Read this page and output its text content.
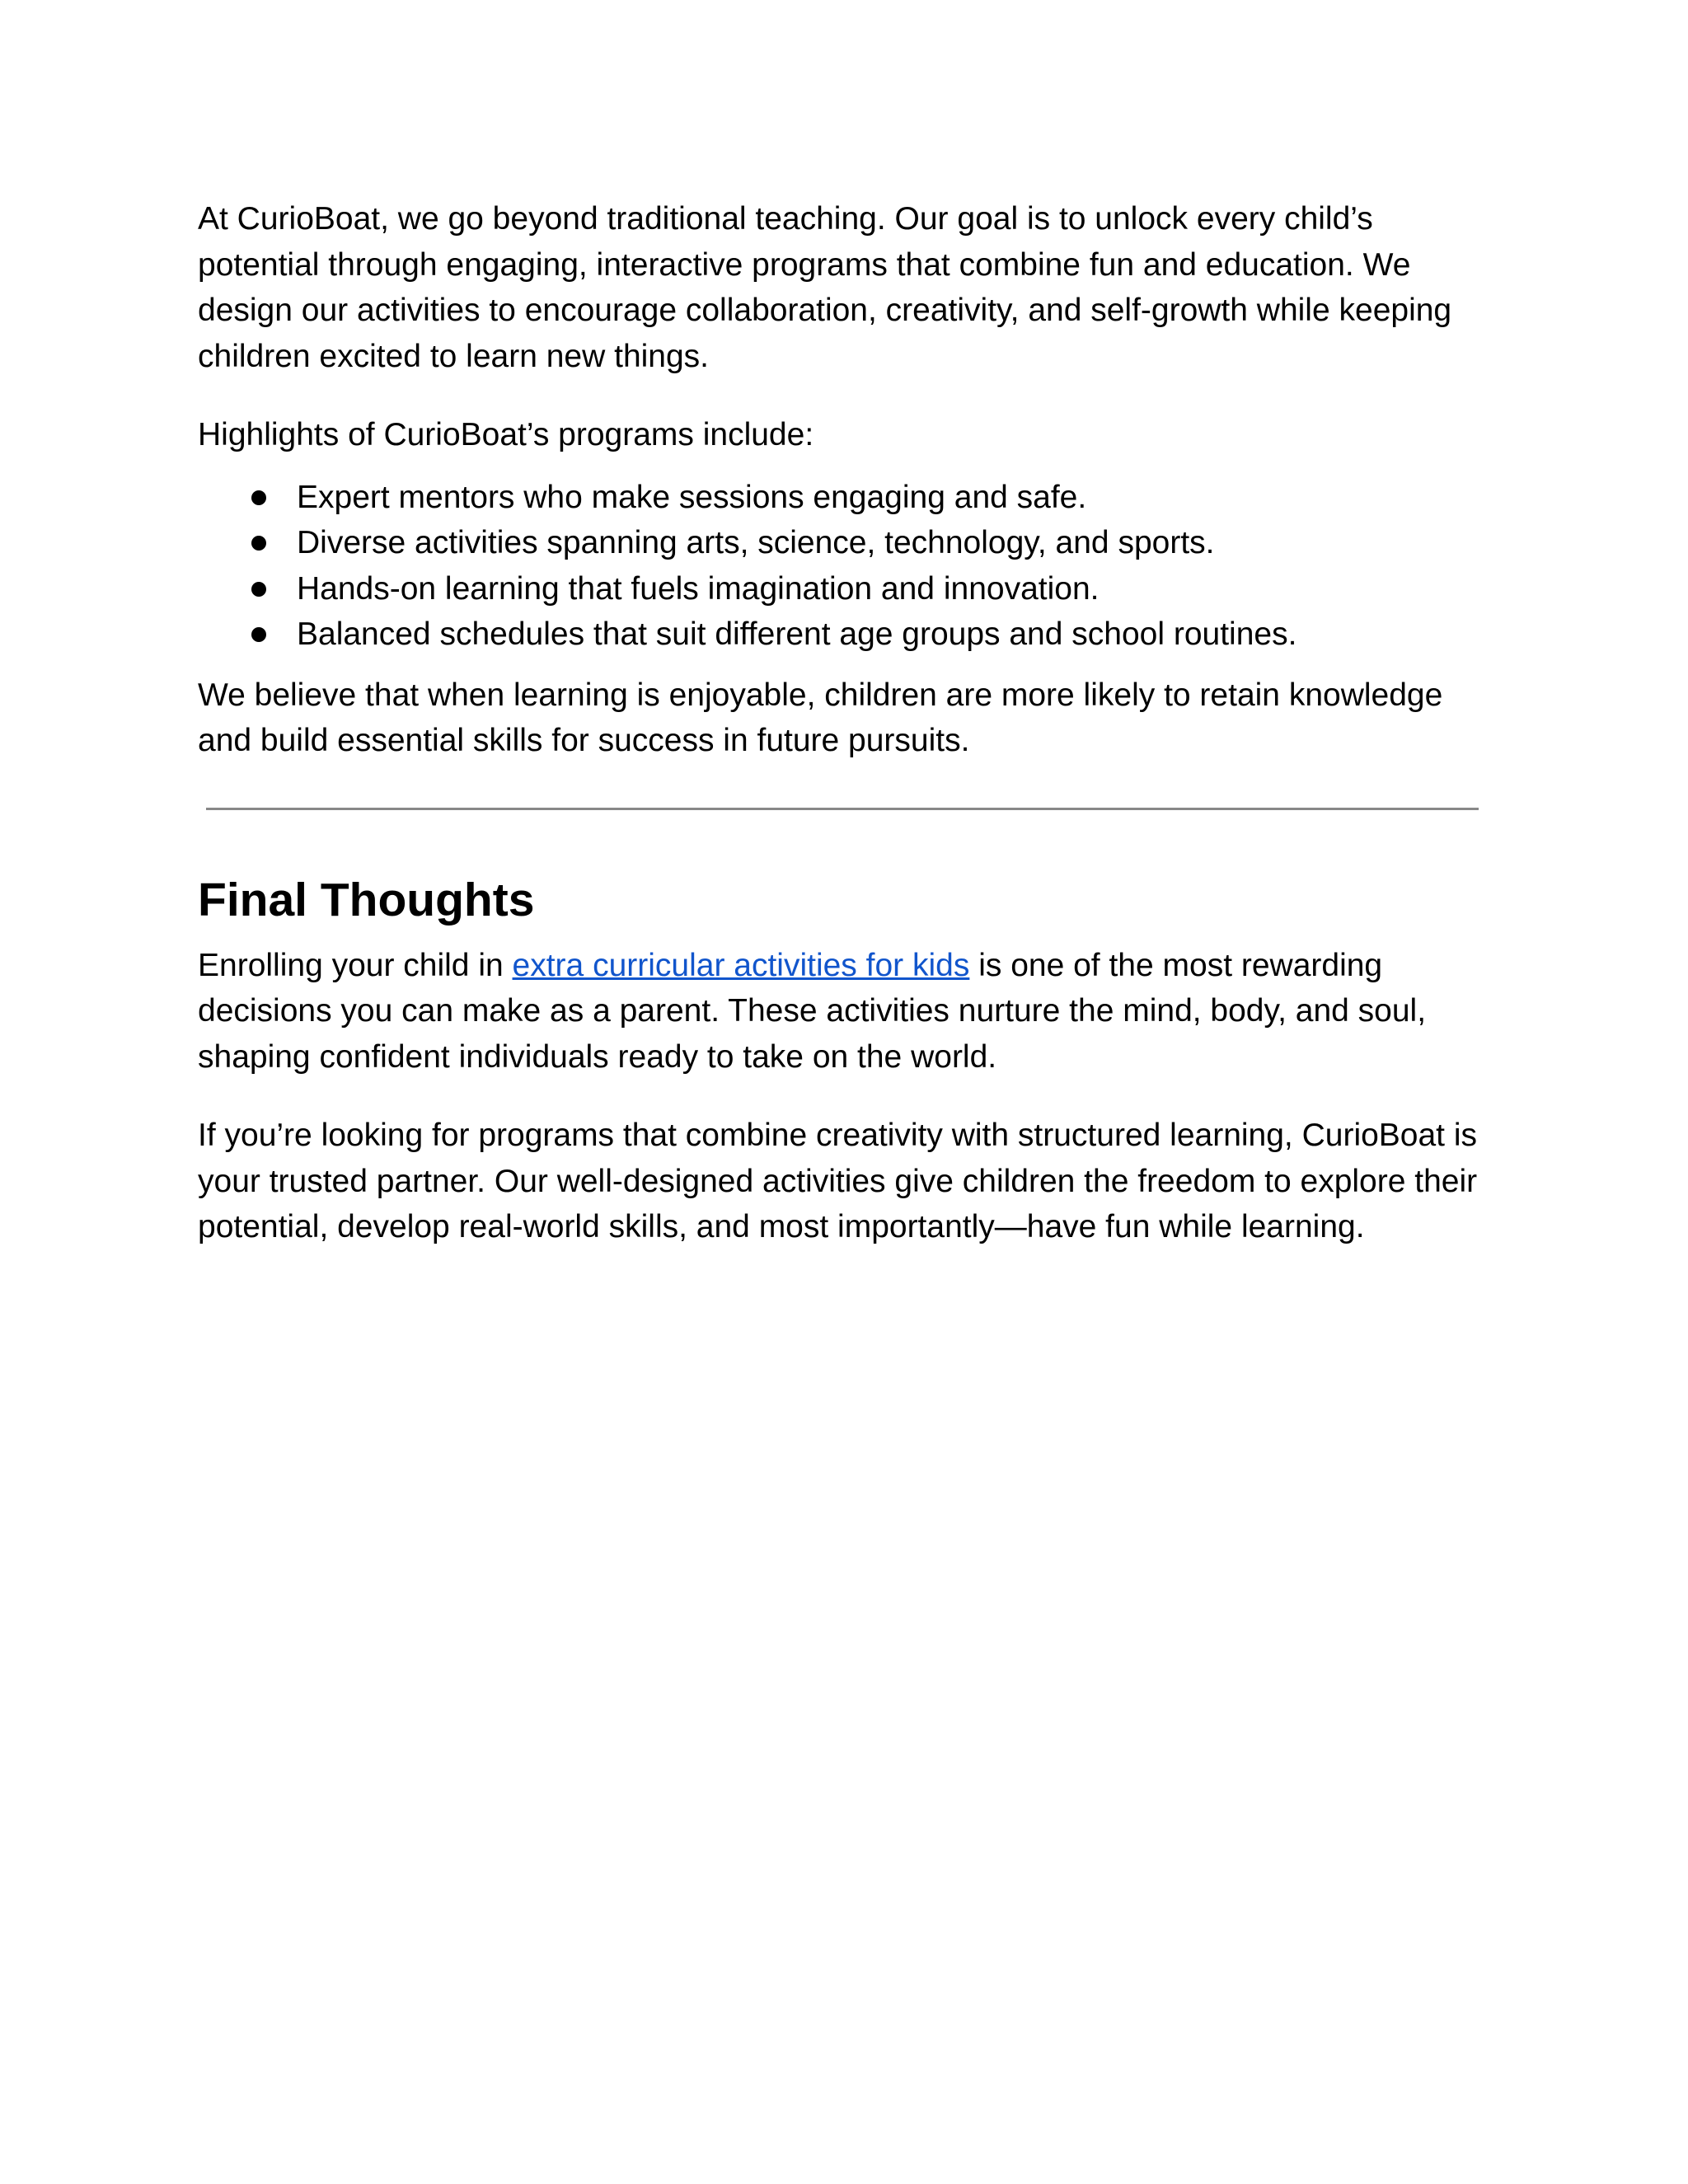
At CurioBoat, we go beyond traditional teaching. Our goal is to unlock every child’s potential through engaging, interactive programs that combine fun and education. We design our activities to encourage collaboration, creativity, and self-growth while keeping children excited to learn new things.

Highlights of CurioBoat’s programs include:

Expert mentors who make sessions engaging and safe.
Diverse activities spanning arts, science, technology, and sports.
Hands-on learning that fuels imagination and innovation.
Balanced schedules that suit different age groups and school routines.

We believe that when learning is enjoyable, children are more likely to retain knowledge and build essential skills for success in future pursuits.

Final Thoughts

Enrolling your child in extra curricular activities for kids is one of the most rewarding decisions you can make as a parent. These activities nurture the mind, body, and soul, shaping confident individuals ready to take on the world.

If you’re looking for programs that combine creativity with structured learning, CurioBoat is your trusted partner. Our well-designed activities give children the freedom to explore their potential, develop real-world skills, and most importantly—have fun while learning.
